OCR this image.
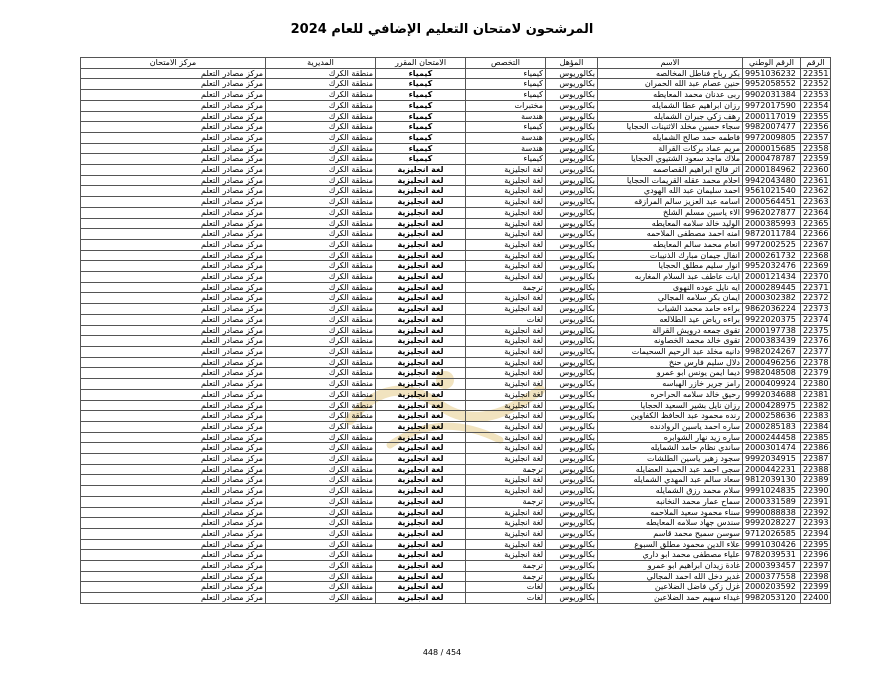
المرشحون لامتحان التعليم الإضافي للعام 2024
الرقم	الرقم الوطني	الاسم	المؤهل	التخصص	الامتحان المقرر	المديرية	مركز الامتحان
22351	9951036232	بكر رباح فناطل المخالصه	بكالوريوس	كيمياء	كيمياء	منطقة الكرك	مركز مصادر التعلم
22352	9952058552	حنين عصام عبد الله الحمران	بكالوريوس	كيمياء	كيمياء	منطقة الكرك	مركز مصادر التعلم
22353	9902031384	ربى عدنان محمد المعايطه	بكالوريوس	كيمياء	كيمياء	منطقة الكرك	مركز مصادر التعلم
22354	9972017590	رزان ابراهيم عطا الشمايله	بكالوريوس	مختبرات	كيمياء	منطقة الكرك	مركز مصادر التعلم
22355	2000117019	رهف زكي جبران الشمايله	بكالوريوس	هندسة	كيمياء	منطقة الكرك	مركز مصادر التعلم
22356	9982007477	سجاء حسين مخلد الاثنينات الحجايا	بكالوريوس	كيمياء	كيمياء	منطقة الكرك	مركز مصادر التعلم
22357	9972009805	فاطمه حمد صالح الشمايله	بكالوريوس	هندسة	كيمياء	منطقة الكرك	مركز مصادر التعلم
22358	2000015685	مريم عماد بركات القرالة	بكالوريوس	هندسة	كيمياء	منطقة الكرك	مركز مصادر التعلم
22359	2000478787	ملاك ماجد سعود الشتيوي الحجايا	بكالوريوس	كيمياء	كيمياء	منطقة الكرك	مركز مصادر التعلم
22360	2000184962	اثر فالح ابراهيم القصاصمه	بكالوريوس	لغة انجليزية	لغة انجليزية	منطقة الكرك	مركز مصادر التعلم
22361	9942043480	احلام محمد عقله القريمات الحجايا	بكالوريوس	لغة انجليزية	لغة انجليزية	منطقة الكرك	مركز مصادر التعلم
22362	9561021540	احمد سليمان عبد الله الهودي	بكالوريوس	لغة انجليزية	لغة انجليزية	منطقة الكرك	مركز مصادر التعلم
22363	2000564451	اسامه عبد العزيز سالم المرازقه	بكالوريوس	لغة انجليزية	لغة انجليزية	منطقة الكرك	مركز مصادر التعلم
22364	9962027877	الاء ياسين مسلم الشلخ	بكالوريوس	لغة انجليزية	لغة انجليزية	منطقة الكرك	مركز مصادر التعلم
22365	2000385993	الوليد خالد سلامه المعايطه	بكالوريوس	لغة انجليزية	لغة انجليزية	منطقة الكرك	مركز مصادر التعلم
22366	9872011784	امنه احمد مصطفى الملاحمه	بكالوريوس	لغة انجليزية	لغة انجليزية	منطقة الكرك	مركز مصادر التعلم
22367	9972002525	انعام محمد سالم المعايطه	بكالوريوس	لغة انجليزية	لغة انجليزية	منطقة الكرك	مركز مصادر التعلم
22368	2000261732	انفال جيمان مبارك الذنيبات	بكالوريوس	لغة انجليزية	لغة انجليزية	منطقة الكرك	مركز مصادر التعلم
22369	9952032476	انوار سليم مطلق الحجايا	بكالوريوس	لغة انجليزية	لغة انجليزية	منطقة الكرك	مركز مصادر التعلم
22370	2000121434	ايات عاطف عبد السلام المغاربه	بكالوريوس	لغة انجليزية	لغة انجليزية	منطقة الكرك	مركز مصادر التعلم
22371	2000289445	ايه نايل عوده النهوى	بكالوريوس	ترجمة	لغة انجليزية	منطقة الكرك	مركز مصادر التعلم
22372	2000302382	ايمان بكر سلامه المجالي	بكالوريوس	لغة انجليزية	لغة انجليزية	منطقة الكرك	مركز مصادر التعلم
22373	9862036224	براءه حامد محمد الشياب	بكالوريوس	لغة انجليزية	لغة انجليزية	منطقة الكرك	مركز مصادر التعلم
22374	9922020375	براءه رياض عيد الطلالعه	بكالوريوس	لغات	لغة انجليزية	منطقة الكرك	مركز مصادر التعلم
22375	2000197738	تقوى جمعه درويش القرالة	بكالوريوس	لغة انجليزية	لغة انجليزية	منطقة الكرك	مركز مصادر التعلم
22376	2000383439	تقوى خالد محمد الخصاونه	بكالوريوس	لغة انجليزية	لغة انجليزية	منطقة الكرك	مركز مصادر التعلم
22377	9982024267	دانيه مخلد عبد الرحيم السحيمات	بكالوريوس	لغة انجليزية	لغة انجليزية	منطقة الكرك	مركز مصادر التعلم
22378	2000496256	دلال سليم فارس حنخ	بكالوريوس	لغة انجليزية	لغة انجليزية	منطقة الكرك	مركز مصادر التعلم
22379	9982048508	ديما ايمن يونس ابو عمرو	بكالوريوس	لغة انجليزية	لغة انجليزية	منطقة الكرك	مركز مصادر التعلم
22380	2000409924	رامز جرير خازر الهباسه	بكالوريوس	لغة انجليزية	لغة انجليزية	منطقة الكرك	مركز مصادر التعلم
22381	9992034688	رحيق خالد سلامه الحراحره	بكالوريوس	لغة انجليزية	لغة انجليزية	منطقة الكرك	مركز مصادر التعلم
22382	2000428975	رزان نايل بشير السعيد الحجايا	بكالوريوس	لغة انجليزية	لغة انجليزية	منطقة الكرك	مركز مصادر التعلم
22383	2000258636	رنده محمود عبد الحافظ الكفاوين	بكالوريوس	لغة انجليزية	لغة انجليزية	منطقة الكرك	مركز مصادر التعلم
22384	2000285183	ساره احمد ياسين الروادنده	بكالوريوس	لغة انجليزية	لغة انجليزية	منطقة الكرك	مركز مصادر التعلم
22385	2000244458	ساره زيد نهار الشوابره	بكالوريوس	لغة انجليزية	لغة انجليزية	منطقة الكرك	مركز مصادر التعلم
22386	2000301474	ساندي نظام حامد الشمايله	بكالوريوس	لغة انجليزية	لغة انجليزية	منطقة الكرك	مركز مصادر التعلم
22387	9992034915	سجود زهير ياسين الطلشات	بكالوريوس	لغة انجليزية	لغة انجليزية	منطقة الكرك	مركز مصادر التعلم
22388	2000442231	سجى احمد عبد الحميد العضايله	بكالوريوس	ترجمة	لغة انجليزية	منطقة الكرك	مركز مصادر التعلم
22389	9812039130	سعاد سالم عبد المهدي الشمايله	بكالوريوس	لغة انجليزية	لغة انجليزية	منطقة الكرك	مركز مصادر التعلم
22390	9991024835	سلام محمد رزق الشمايله	بكالوريوس	لغة انجليزية	لغة انجليزية	منطقة الكرك	مركز مصادر التعلم
22391	2000331589	سماح عمار محمد النخانبه	بكالوريوس	ترجمة	لغة انجليزية	منطقة الكرك	مركز مصادر التعلم
22392	9990088838	سناء محمود سعيد الملاحمه	بكالوريوس	لغة انجليزية	لغة انجليزية	منطقة الكرك	مركز مصادر التعلم
22393	9992028227	سندس جهاد سلامه المعايطه	بكالوريوس	لغة انجليزية	لغة انجليزية	منطقة الكرك	مركز مصادر التعلم
22394	9712026585	سوسن سميح محمد قاسم	بكالوريوس	لغة انجليزية	لغة انجليزية	منطقة الكرك	مركز مصادر التعلم
22395	9991030426	علاء الدين محمود مطلق السبوع	بكالوريوس	لغة انجليزية	لغة انجليزية	منطقة الكرك	مركز مصادر التعلم
22396	9782039531	علياء مصطفى محمد ابو داري	بكالوريوس	لغة انجليزية	لغة انجليزية	منطقة الكرك	مركز مصادر التعلم
22397	2000393457	غادة زيدان ابراهيم ابو عمرو	بكالوريوس	ترجمة	لغة انجليزية	منطقة الكرك	مركز مصادر التعلم
22398	2000377558	غدير دخل الله احمد المجالي	بكالوريوس	ترجمة	لغة انجليزية	منطقة الكرك	مركز مصادر التعلم
22399	2000203592	غزل زكي فاضل الضلاعين	بكالوريوس	لغات	لغة انجليزية	منطقة الكرك	مركز مصادر التعلم
22400	9982053120	غيداء سهيم حمد الضلاعين	بكالوريوس	لغات	لغة انجليزية	منطقة الكرك	مركز مصادر التعلم
448 / 454
